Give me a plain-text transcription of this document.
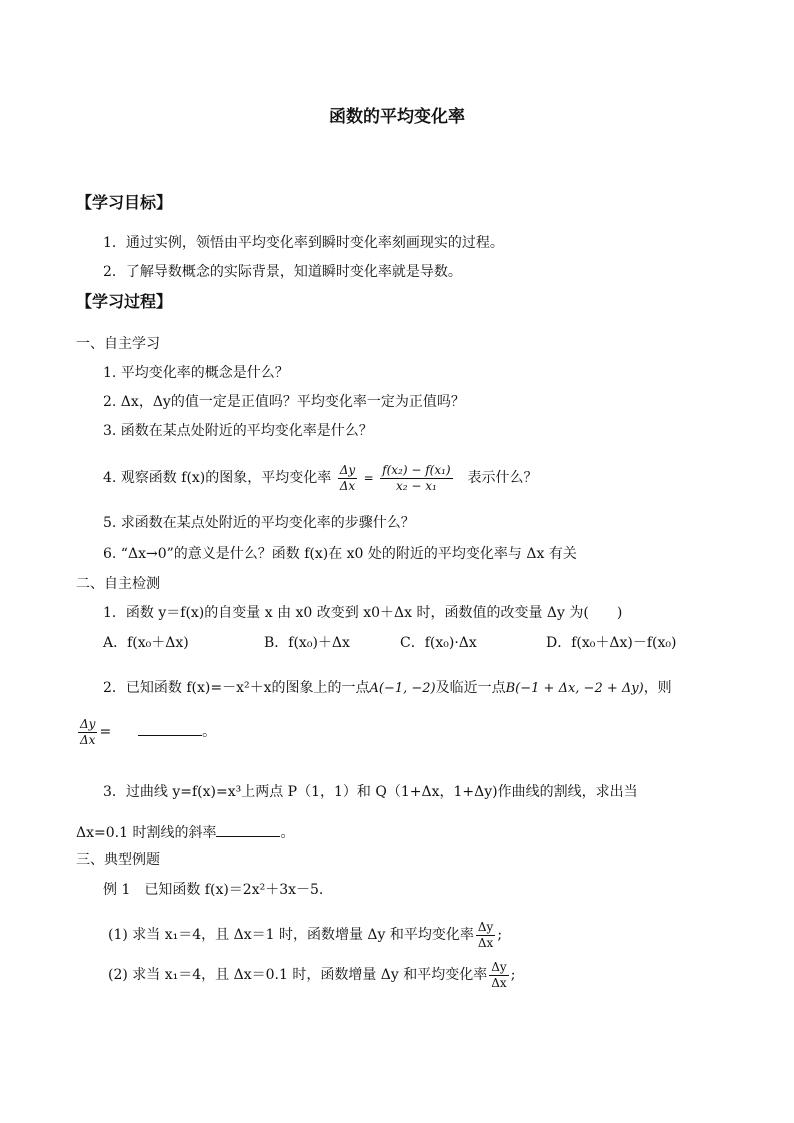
函数的平均变化率
【学习目标】
1．通过实例，领悟由平均变化率到瞬时变化率刻画现实的过程。
2．了解导数概念的实际背景，知道瞬时变化率就是导数。
【学习过程】
一、自主学习
1. 平均变化率的概念是什么？
2. Δx，Δy的值一定是正值吗？平均变化率一定为正值吗？
3. 函数在某点处附近的平均变化率是什么？
4. 观察函数 f(x)的图象，平均变化率 $\frac{\Delta y}{\Delta x} = \frac{\text{f(x₂) − f(x₁)}}{\text{x₂ − x₁}}$ 表示什么？
5. 求函数在某点处附近的平均变化率的步骤什么？
6. “Δx→0”的意义是什么？函数 f(x)在 x0 处的附近的平均变化率与 Δx 有关
二、自主检测
1．函数 y＝f(x)的自变量 x 由 x0 改变到 x0＋Δx 时，函数值的改变量 Δy 为(　　)
A．f(x₀＋Δx)	B．f(x₀)＋Δx	C．f(x₀)·Δx	D．f(x₀＋Δx)－f(x₀)
2．已知函数 f(x)=－x²＋x的图象上的一点A(−1, −2)及临近一点B(−1 + Δx, −2 + Δy)，则
$\frac{\Delta y}{\Delta x}$ =	。
3．过曲线 y=f(x)=x³上两点 P（1，1）和 Q（1+Δx，1+Δy)作曲线的割线，求出当
Δx=0.1 时割线的斜率	。
三、典型例题
例 1　已知函数 f(x)＝2x²＋3x－5.
(1) 求当 x₁＝4，且 Δx＝1 时，函数增量 Δy 和平均变化率 $\frac{\Delta y}{\Delta x}$ ;
(2) 求当 x₁＝4，且 Δx＝0.1 时，函数增量 Δy 和平均变化率 $\frac{\Delta y}{\Delta x}$ ;
